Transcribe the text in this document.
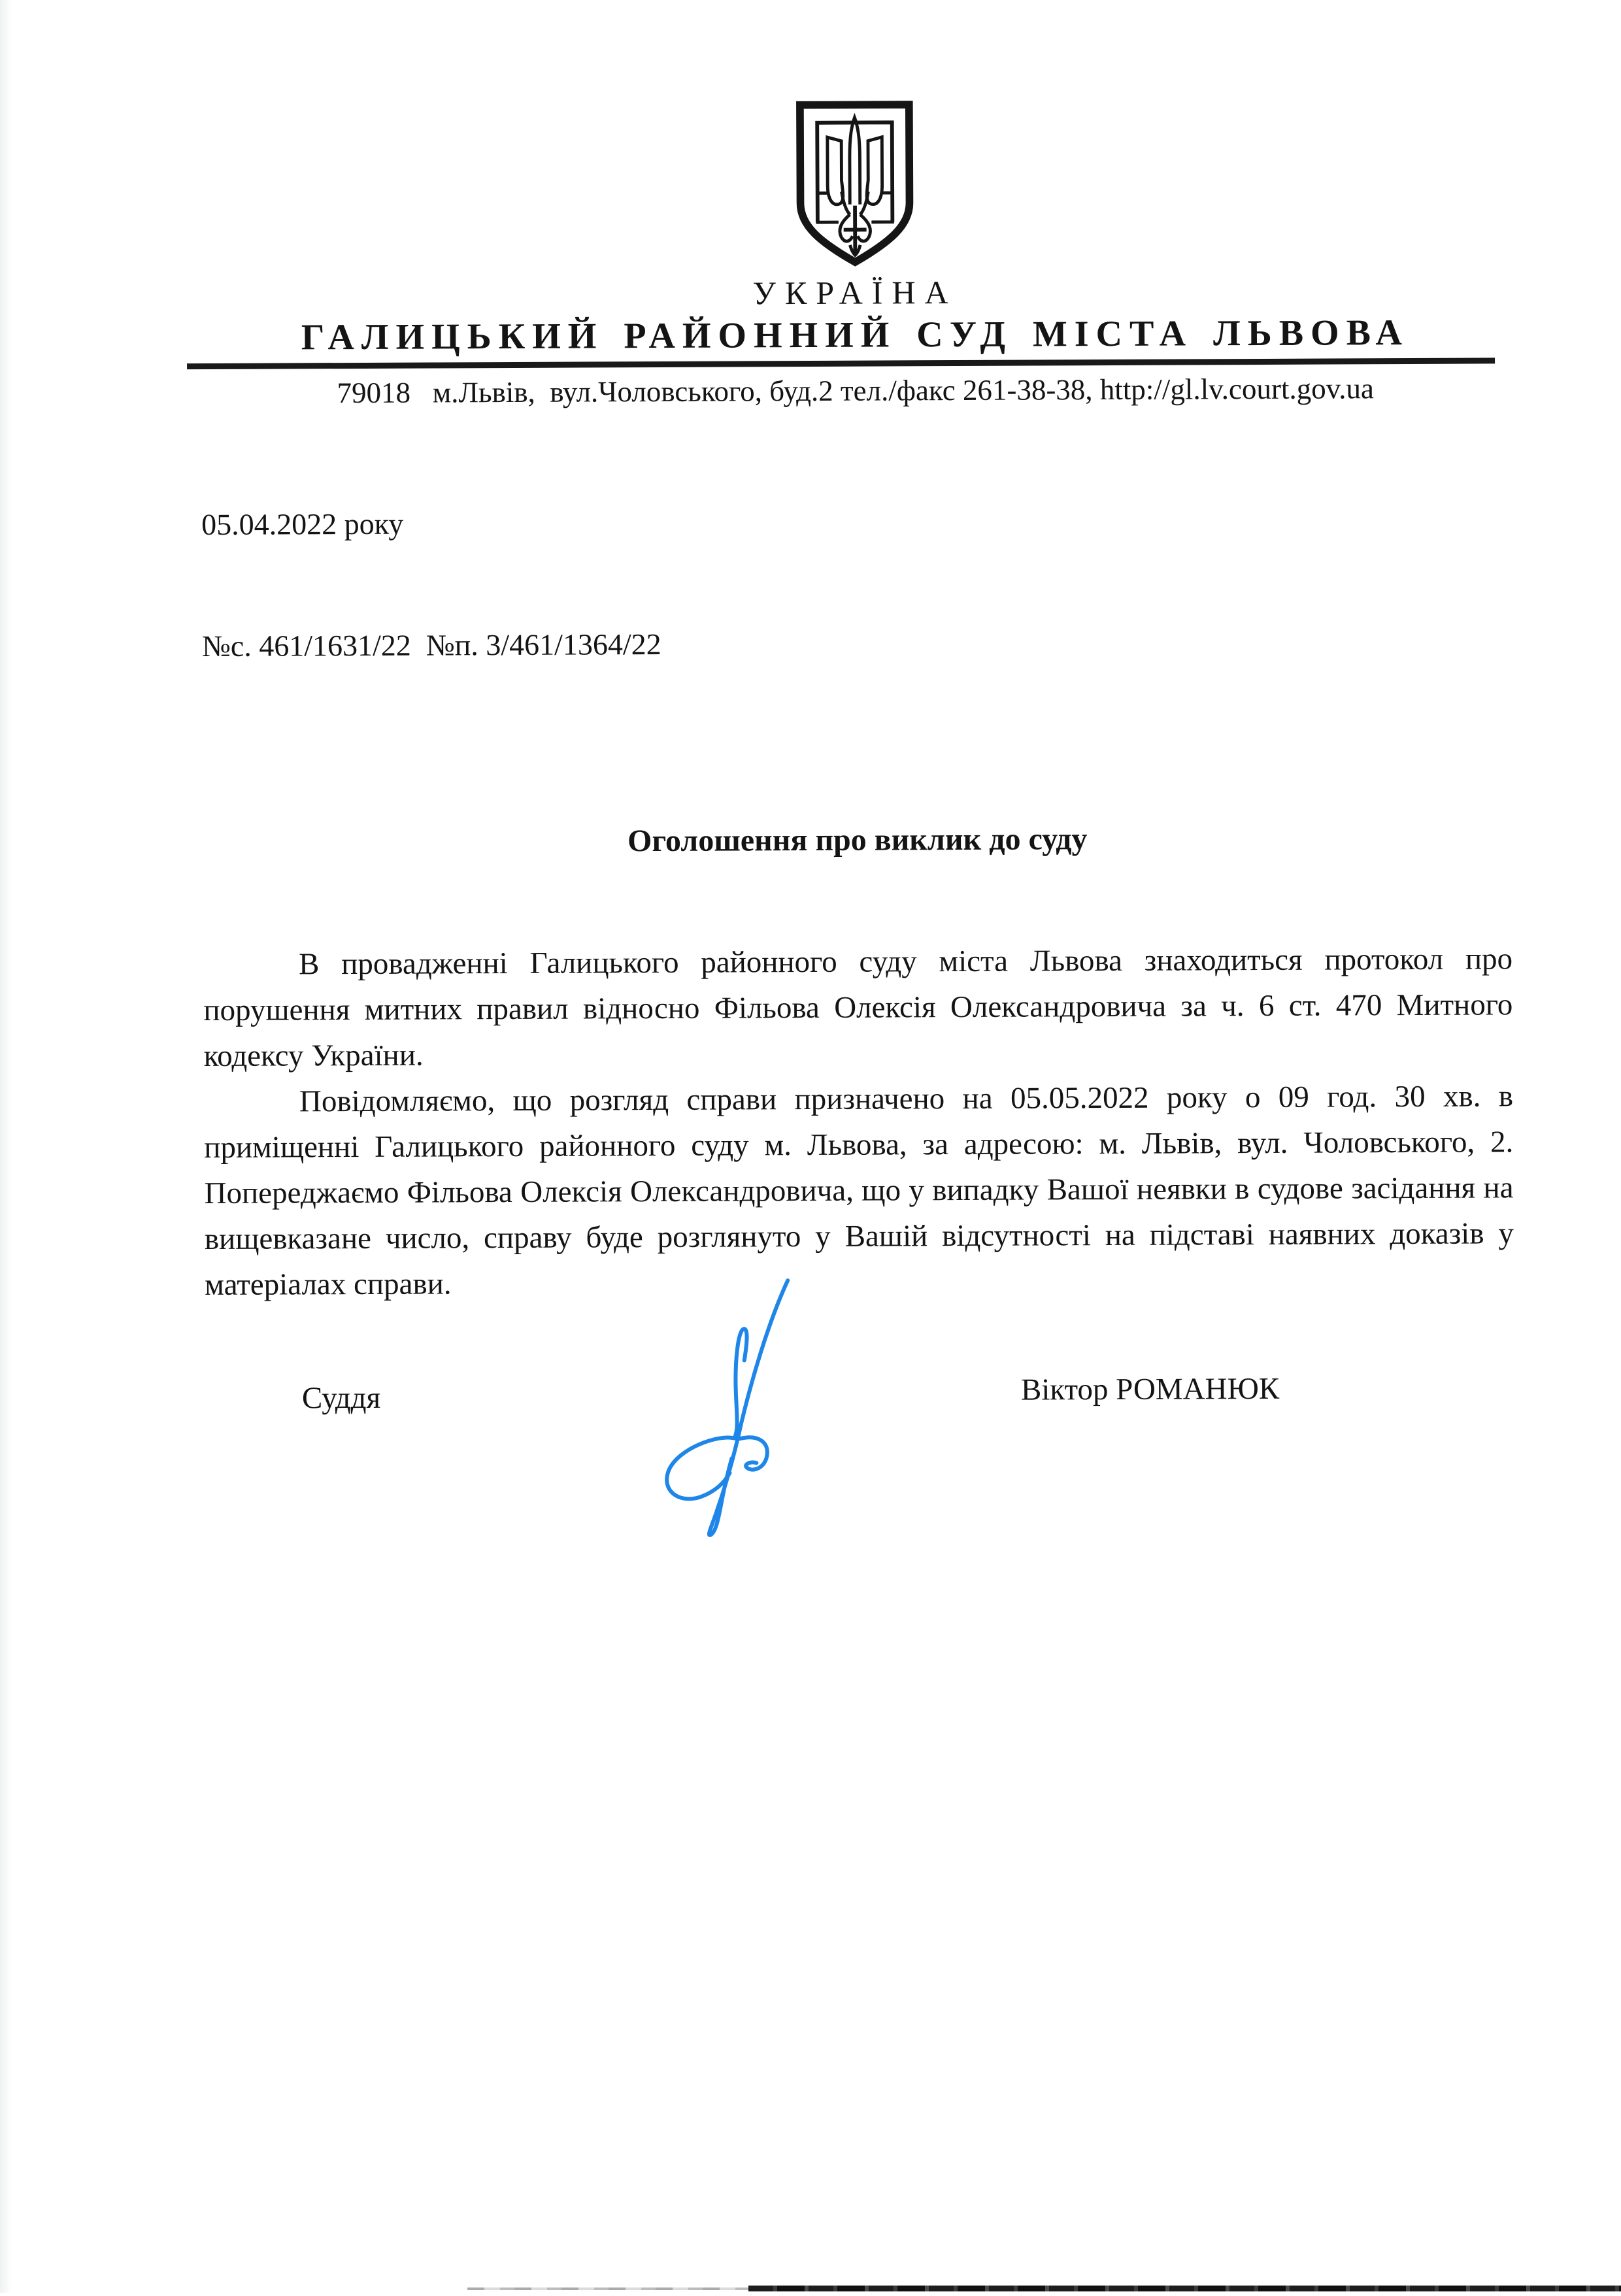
УКРАЇНА
ГАЛИЦЬКИЙ РАЙОННИЙ СУД МІСТА ЛЬВОВА
79018   м.Львів,  вул.Чоловського, буд.2 тел./факс 261-38-38, http://gl.lv.court.gov.ua

05.04.2022 року

№с. 461/1631/22  №п. 3/461/1364/22

Оголошення про виклик до суду

В провадженні Галицького районного суду міста Львова знаходиться протокол про порушення митних правил відносно Фільова Олексія Олександровича за ч. 6 ст. 470 Митного кодексу України.

Повідомляємо, що розгляд справи призначено на 05.05.2022 року о 09 год. 30 хв. в приміщенні Галицького районного суду м. Львова, за адресою: м. Львів, вул. Чоловського, 2. Попереджаємо Фільова Олексія Олександровича, що у випадку Вашої неявки в судове засідання на вищевказане число, справу буде розглянуто у Вашій відсутності на підставі наявних доказів у матеріалах справи.

Суддя	Віктор РОМАНЮК
